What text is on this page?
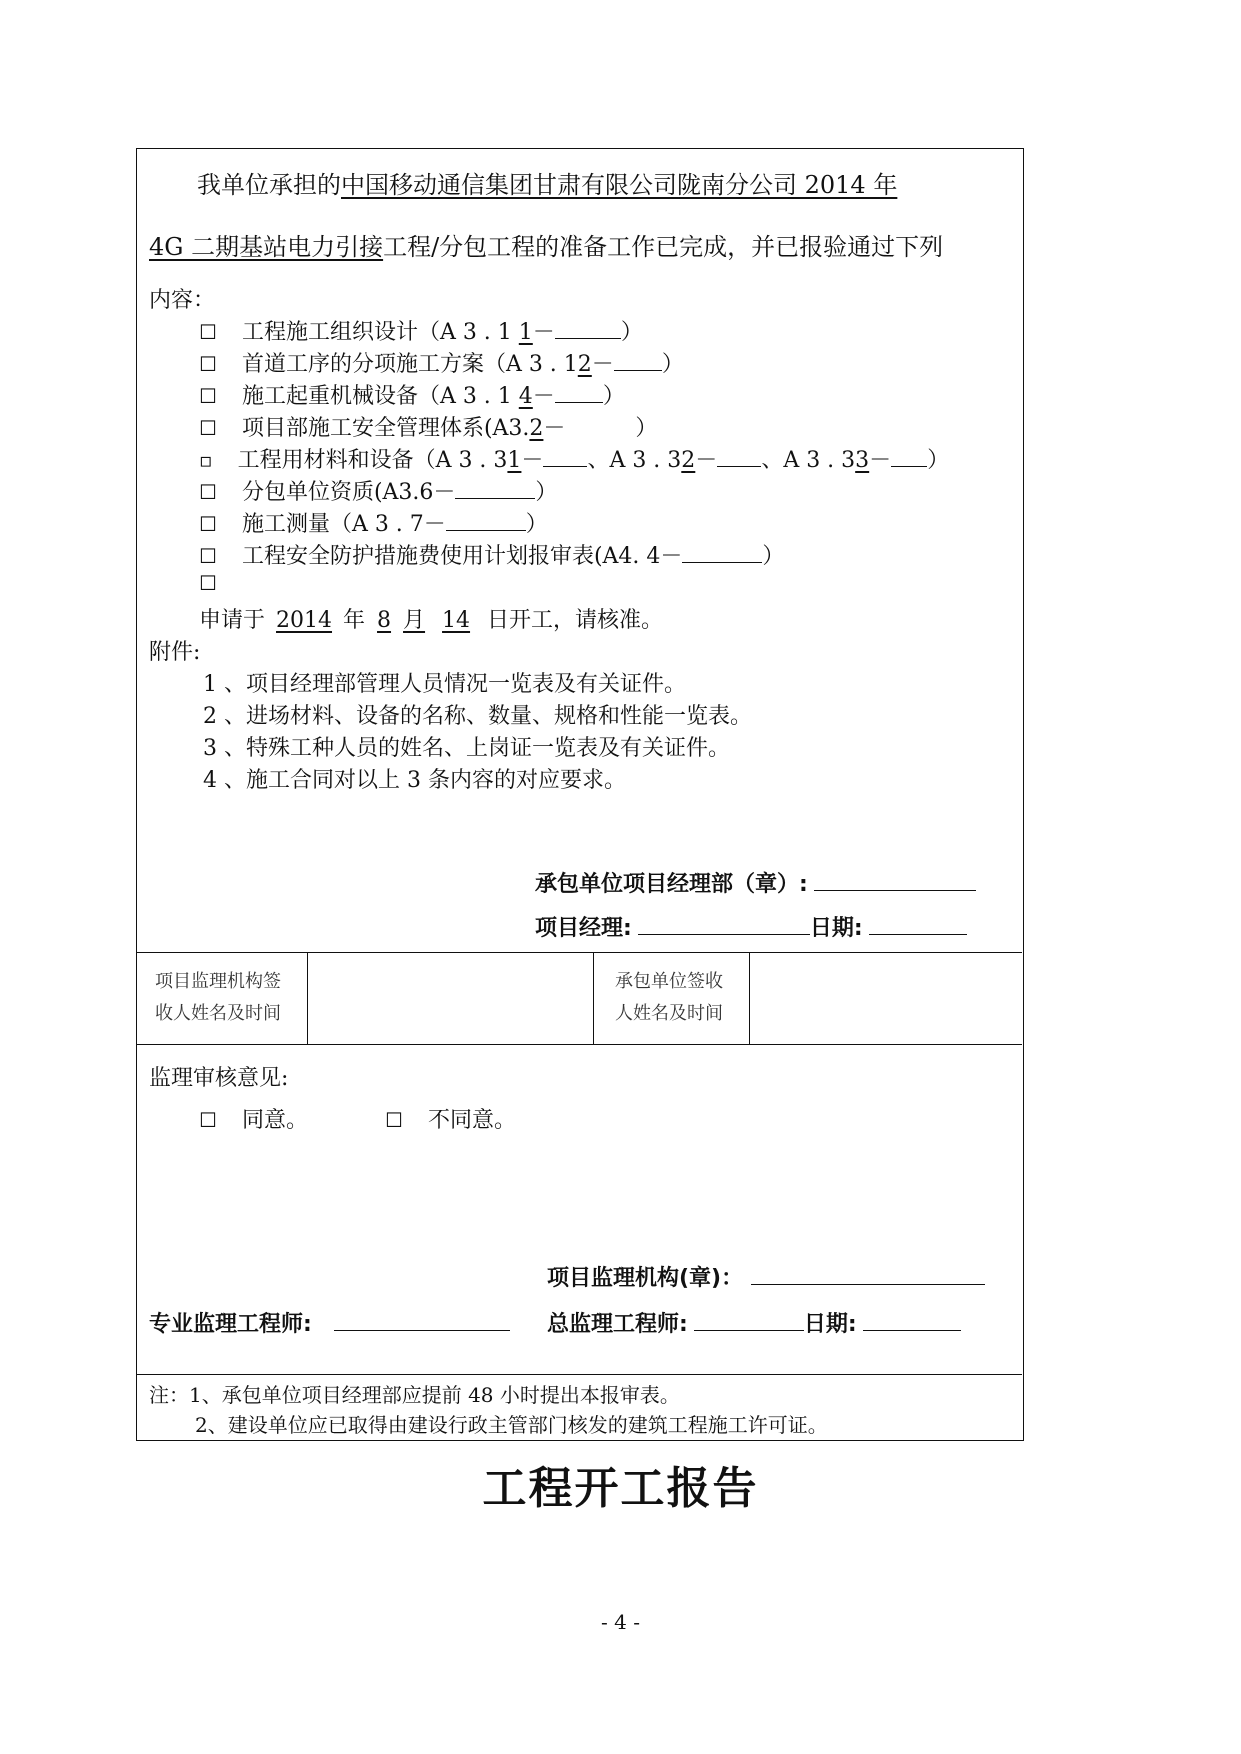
我单位承担的中国移动通信集团甘肃有限公司陇南分公司 2014 年
4G 二期基站电力引接工程/分包工程的准备工作已完成，并已报验通过下列
内容：
☐ 工程施工组织设计（A 3 . 1 1－	）
☐ 首道工序的分项施工方案（A 3 . 12－ ）
☐ 施工起重机械设备（A 3 . 1 4－ ）
☐ 项目部施工安全管理体系(A3.2－	）
▫ 工程用材料和设备（A 3 . 31－ 、A 3 . 32－ 、A 3 . 33－ ）
☐ 分包单位资质(A3.6－	）
☐ 施工测量（A 3 . 7－	）
☐ 工程安全防护措施费使用计划报审表(A4. 4－	）
☐
申请于 2014 年 8 月 14 日开工，请核准。
附件:
1 、项目经理部管理人员情况一览表及有关证件。
2 、进场材料、设备的名称、数量、规格和性能一览表。
3 、特殊工种人员的姓名、上岗证一览表及有关证件。
4 、施工合同对以上 3 条内容的对应要求。
承包单位项目经理部（章）:
项目经理:	日期:
项目监理机构签
收人姓名及时间
承包单位签收
人姓名及时间
监理审核意见:
☐ 同意。	☐ 不同意。
项目监理机构(章)：
专业监理工程师:	总监理工程师:	日期:
注：1、承包单位项目经理部应提前 48 小时提出本报审表。
2、建设单位应已取得由建设行政主管部门核发的建筑工程施工许可证。
工程开工报告
- 4 -
